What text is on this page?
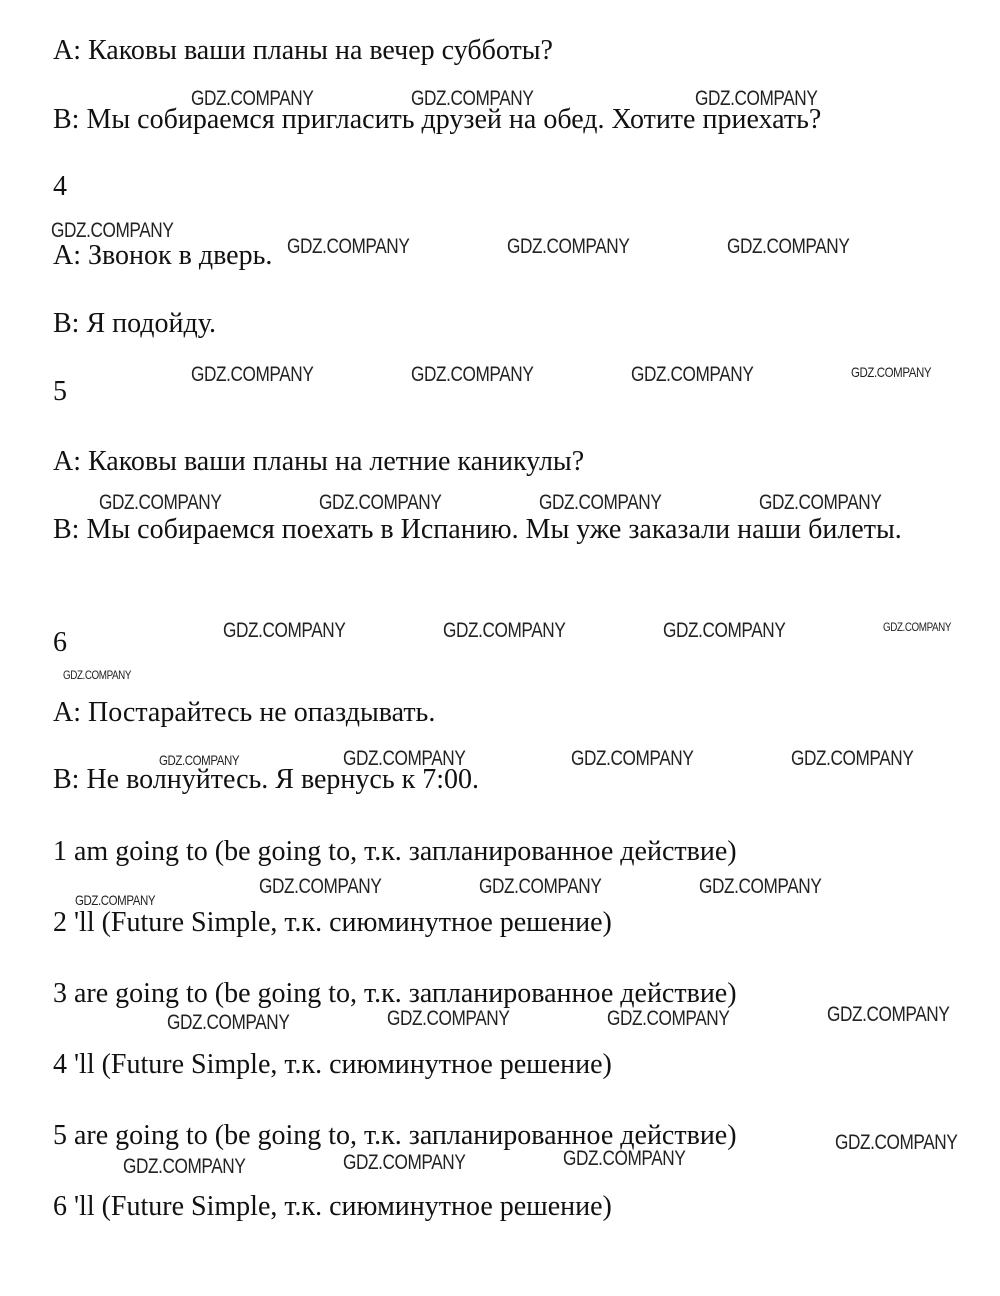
A: Каковы ваши планы на вечер субботы?

B: Мы собираемся пригласить друзей на обед. Хотите приехать?

4

A: Звонок в дверь.

B: Я подойду.

5

A: Каковы ваши планы на летние каникулы?

B: Мы собираемся поехать в Испанию. Мы уже заказали наши билеты.

6

A: Постарайтесь не опаздывать.

B: Не волнуйтесь. Я вернусь к 7:00.

1 am going to (be going to, т.к. запланированное действие)

2 'll (Future Simple, т.к. сиюминутное решение)

3 are going to (be going to, т.к. запланированное действие)

4 'll (Future Simple, т.к. сиюминутное решение)

5 are going to (be going to, т.к. запланированное действие)

6 'll (Future Simple, т.к. сиюминутное решение)

GDZ.COMPANY	GDZ.COMPANY	GDZ.COMPANY
GDZ.COMPANY
GDZ.COMPANY	GDZ.COMPANY	GDZ.COMPANY
GDZ.COMPANY	GDZ.COMPANY	GDZ.COMPANY	GDZ.COMPANY
GDZ.COMPANY	GDZ.COMPANY	GDZ.COMPANY	GDZ.COMPANY
GDZ.COMPANY	GDZ.COMPANY	GDZ.COMPANY	GDZ.COMPANY
GDZ.COMPANY
GDZ.COMPANY	GDZ.COMPANY	GDZ.COMPANY	GDZ.COMPANY
GDZ.COMPANY
GDZ.COMPANY	GDZ.COMPANY	GDZ.COMPANY
GDZ.COMPANY	GDZ.COMPANY	GDZ.COMPANY	GDZ.COMPANY
GDZ.COMPANY	GDZ.COMPANY	GDZ.COMPANY
GDZ.COMPANY
